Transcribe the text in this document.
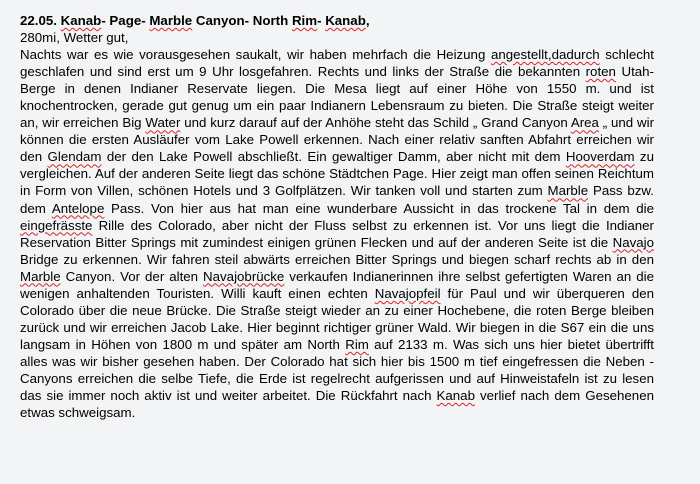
22.05. Kanab- Page- Marble Canyon- North Rim- Kanab,
280mi, Wetter gut,
Nachts war es wie vorausgesehen saukalt, wir haben mehrfach die Heizung angestellt,dadurch schlecht geschlafen und sind erst um 9 Uhr losgefahren. Rechts und links der Straße die bekannten roten Utah-Berge in denen Indianer Reservate liegen. Die Mesa liegt auf einer Höhe von 1550 m. und ist knochentrocken, gerade gut genug um ein paar Indianern Lebensraum zu bieten. Die Straße steigt weiter an, wir erreichen Big Water und kurz darauf auf der Anhöhe steht das Schild „ Grand Canyon Area „ und wir können die ersten Ausläufer vom Lake Powell erkennen. Nach einer relativ sanften Abfahrt erreichen wir den Glendam der den Lake Powell abschließt. Ein gewaltiger Damm, aber nicht mit dem Hooverdam zu vergleichen. Auf der anderen Seite liegt das schöne Städtchen Page. Hier zeigt man offen seinen Reichtum in Form von Villen, schönen Hotels und 3 Golfplätzen. Wir tanken voll und starten zum Marble Pass bzw. dem Antelope Pass. Von hier aus hat man eine wunderbare Aussicht in das trockene Tal in dem die eingefrässte Rille des Colorado, aber nicht der Fluss selbst zu erkennen ist. Vor uns liegt die Indianer Reservation Bitter Springs mit zumindest einigen grünen Flecken und auf der anderen Seite ist die Navajo Bridge zu erkennen. Wir fahren steil abwärts erreichen Bitter Springs und biegen scharf rechts ab in den Marble Canyon. Vor der alten Navajobrücke verkaufen Indianerinnen ihre selbst gefertigten Waren an die wenigen anhaltenden Touristen. Willi kauft einen echten Navajopfeil für Paul und wir überqueren den Colorado über die neue Brücke. Die Straße steigt wieder an zu einer Hochebene, die roten Berge bleiben zurück und wir erreichen Jacob Lake. Hier beginnt richtiger grüner Wald. Wir biegen in die S67 ein die uns langsam in Höhen von 1800 m und später am North Rim auf 2133 m. Was sich uns hier bietet übertrifft alles was wir bisher gesehen haben. Der Colorado hat sich hier bis 1500 m tief eingefressen die Neben - Canyons erreichen die selbe Tiefe, die Erde ist regelrecht aufgerissen und auf Hinweistafeln ist zu lesen das sie immer noch aktiv ist und weiter arbeitet. Die Rückfahrt nach Kanab verlief nach dem Gesehenen etwas schweigsam.
